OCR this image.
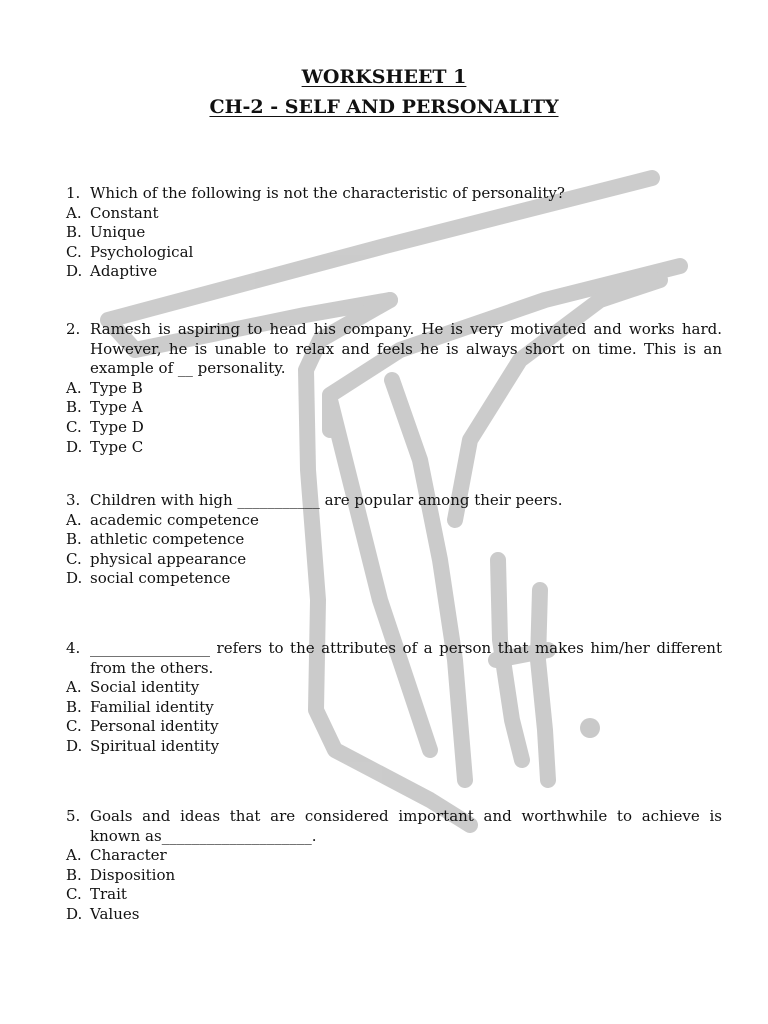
WORKSHEET 1
CH-2 - SELF AND PERSONALITY
1. Which of the following is not the characteristic of personality?
A. Constant
B. Unique
C. Psychological
D. Adaptive
2. Ramesh is aspiring to head his company. He is very motivated and works hard. However, he is unable to relax and feels he is always short on time. This is an example of __ personality.
A. Type B
B. Type A
C. Type D
D. Type C
3. Children with high ___________ are popular among their peers.
A. academic competence
B. athletic competence
C. physical appearance
D. social competence
4. ________________ refers to the attributes of a person that makes him/her different from the others.
A. Social identity
B. Familial identity
C. Personal identity
D. Spiritual identity
5. Goals and ideas that are considered important and worthwhile to achieve is known as____________________.
A. Character
B. Disposition
C. Trait
D. Values
